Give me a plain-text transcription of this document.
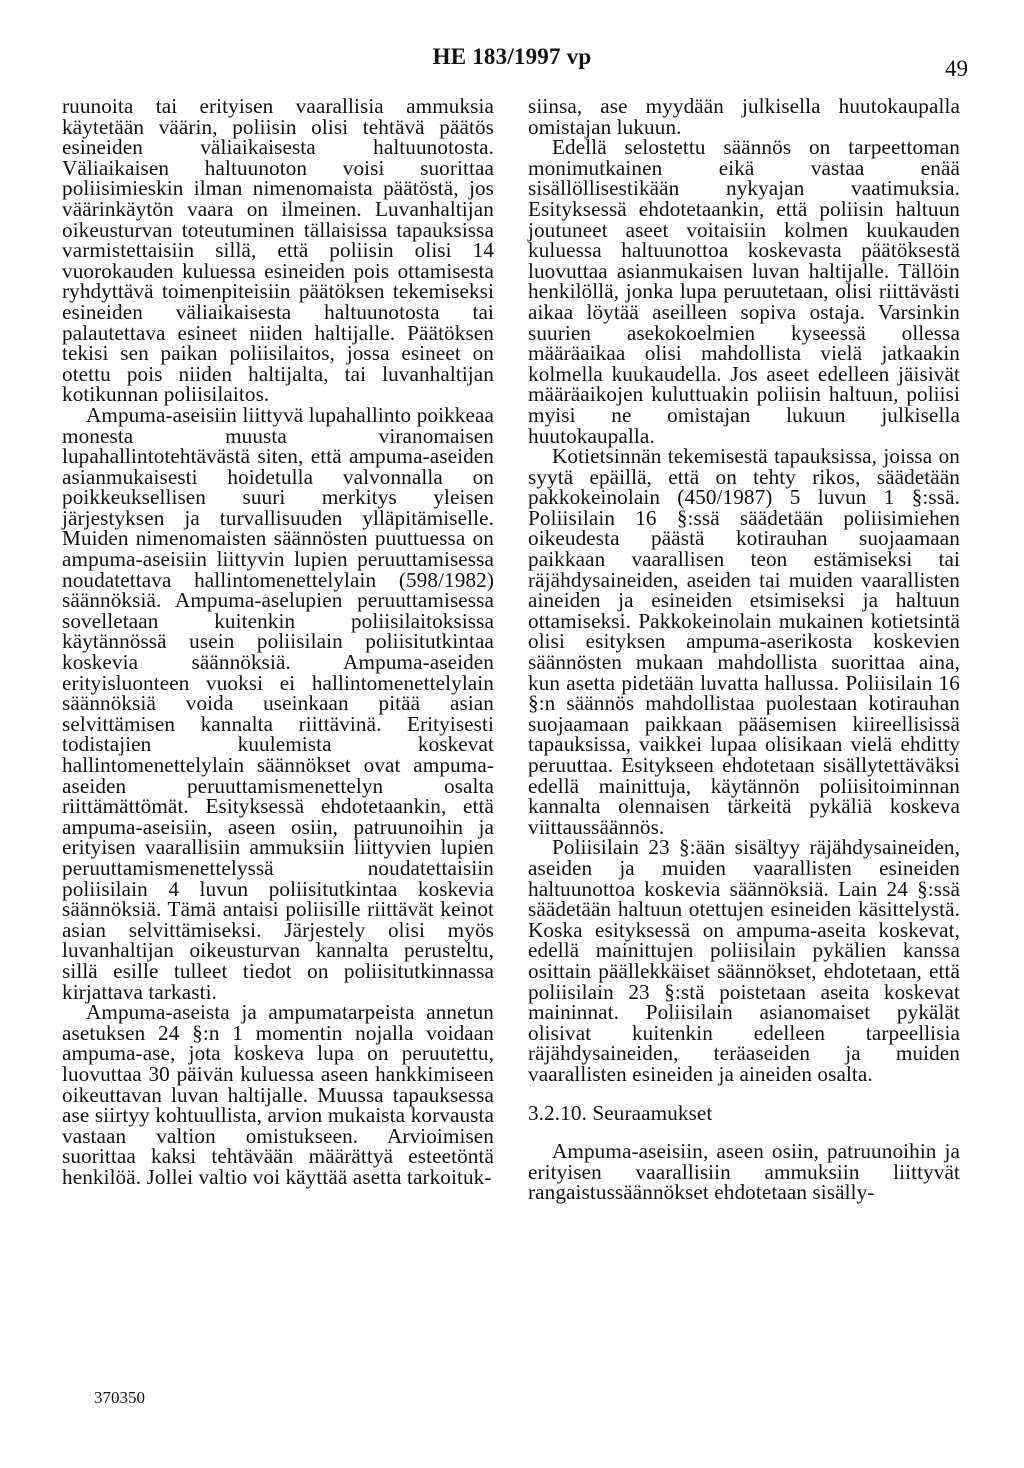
HE 183/1997 vp	49

ruunoita tai erityisen vaarallisia ammuksia käytetään väärin, poliisin olisi tehtävä päätös esineiden väliaikaisesta haltuunotosta. Väliaikaisen haltuunoton voisi suorittaa poliisimieskin ilman nimenomaista päätöstä, jos väärinkäytön vaara on ilmeinen. Luvanhaltijan oikeusturvan toteutuminen tällaisissa tapauksissa varmistettaisiin sillä, että poliisin olisi 14 vuorokauden kuluessa esineiden pois ottamisesta ryhdyttävä toimenpiteisiin päätöksen tekemiseksi esineiden väliaikaisesta haltuunotosta tai palautettava esineet niiden haltijalle. Päätöksen tekisi sen paikan poliisilaitos, jossa esineet on otettu pois niiden haltijalta, tai luvanhaltijan kotikunnan poliisilaitos.

Ampuma-aseisiin liittyvä lupahallinto poikkeaa monesta muusta viranomaisen lupahallintotehtävästä siten, että ampuma-aseiden asianmukaisesti hoidetulla valvonnalla on poikkeuksellisen suuri merkitys yleisen järjestyksen ja turvallisuuden ylläpitämiselle. Muiden nimenomaisten säännösten puuttuessa on ampuma-aseisiin liittyvin lupien peruuttamisessa noudatettava hallintomenettelylain (598/1982) säännöksiä. Ampuma-aselupien peruuttamisessa sovelletaan kuitenkin poliisilaitoksissa käytännössä usein poliisilain poliisitutkintaa koskevia säännöksiä. Ampuma-aseiden erityisluonteen vuoksi ei hallintomenettelylain säännöksiä voida useinkaan pitää asian selvittämisen kannalta riittävinä. Erityisesti todistajien kuulemista koskevat hallintomenettelylain säännökset ovat ampuma-aseiden peruuttamismenettelyn osalta riittämättömät. Esityksessä ehdotetaankin, että ampuma-aseisiin, aseen osiin, patruunoihin ja erityisen vaarallisiin ammuksiin liittyvien lupien peruuttamismenettelyssä noudatettaisiin poliisilain 4 luvun poliisitutkintaa koskevia säännöksiä. Tämä antaisi poliisille riittävät keinot asian selvittämiseksi. Järjestely olisi myös luvanhaltijan oikeusturvan kannalta perusteltu, sillä esille tulleet tiedot on poliisitutkinnassa kirjattava tarkasti.

Ampuma-aseista ja ampumatarpeista annetun asetuksen 24 §:n 1 momentin nojalla voidaan ampuma-ase, jota koskeva lupa on peruutettu, luovuttaa 30 päivän kuluessa aseen hankkimiseen oikeuttavan luvan haltijalle. Muussa tapauksessa ase siirtyy kohtuullista, arvion mukaista korvausta vastaan valtion omistukseen. Arvioimisen suorittaa kaksi tehtävään määrättyä esteetöntä henkilöä. Jollei valtio voi käyttää asetta tarkoituk-

siinsa, ase myydään julkisella huutokaupalla omistajan lukuun.

Edellä selostettu säännös on tarpeettoman monimutkainen eikä vastaa enää sisällöllisestikään nykyajan vaatimuksia. Esityksessä ehdotetaankin, että poliisin haltuun joutuneet aseet voitaisiin kolmen kuukauden kuluessa haltuunottoa koskevasta päätöksestä luovuttaa asianmukaisen luvan haltijalle. Tällöin henkilöllä, jonka lupa peruutetaan, olisi riittävästi aikaa löytää aseilleen sopiva ostaja. Varsinkin suurien asekokoelmien kyseessä ollessa määräaikaa olisi mahdollista vielä jatkaakin kolmella kuukaudella. Jos aseet edelleen jäisivät määräaikojen kuluttuakin poliisin haltuun, poliisi myisi ne omistajan lukuun julkisella huutokaupalla.

Kotietsinnän tekemisestä tapauksissa, joissa on syytä epäillä, että on tehty rikos, säädetään pakkokeinolain (450/1987) 5 luvun 1 §:ssä. Poliisilain 16 §:ssä säädetään poliisimiehen oikeudesta päästä kotirauhan suojaamaan paikkaan vaarallisen teon estämiseksi tai räjähdysaineiden, aseiden tai muiden vaarallisten aineiden ja esineiden etsimiseksi ja haltuun ottamiseksi. Pakkokeinolain mukainen kotietsintä olisi esityksen ampuma-aserikosta koskevien säännösten mukaan mahdollista suorittaa aina, kun asetta pidetään luvatta hallussa. Poliisilain 16 §:n säännös mahdollistaa puolestaan kotirauhan suojaamaan paikkaan pääsemisen kiireellisissä tapauksissa, vaikkei lupaa olisikaan vielä ehditty peruuttaa. Esitykseen ehdotetaan sisällytettäväksi edellä mainittuja, käytännön poliisitoiminnan kannalta olennaisen tärkeitä pykäliä koskeva viittaussäännös.

Poliisilain 23 §:ään sisältyy räjähdysaineiden, aseiden ja muiden vaarallisten esineiden haltuunottoa koskevia säännöksiä. Lain 24 §:ssä säädetään haltuun otettujen esineiden käsittelystä. Koska esityksessä on ampuma-aseita koskevat, edellä mainittujen poliisilain pykälien kanssa osittain päällekkäiset säännökset, ehdotetaan, että poliisilain 23 §:stä poistetaan aseita koskevat maininnat. Poliisilain asianomaiset pykälät olisivat kuitenkin edelleen tarpeellisia räjähdysaineiden, teräaseiden ja muiden vaarallisten esineiden ja aineiden osalta.

3.2.10. Seuraamukset

Ampuma-aseisiin, aseen osiin, patruunoihin ja erityisen vaarallisiin ammuksiin liittyvät rangaistussäännökset ehdotetaan sisälly-

370350
